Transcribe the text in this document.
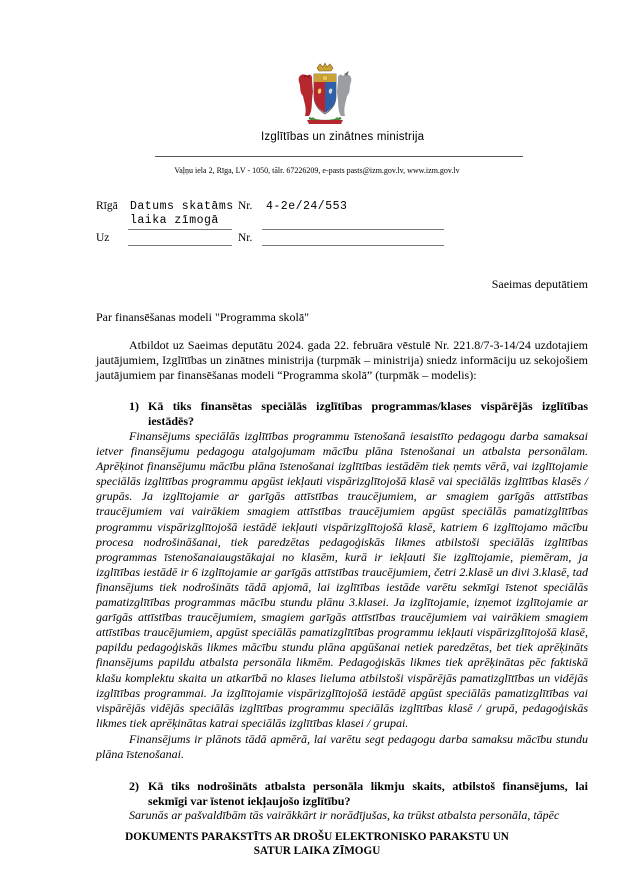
Izglītības un zinātnes ministrija
Vaļņu iela 2, Rīga, LV - 1050, tālr. 67226209, e-pasts pasts@izm.gov.lv, www.izm.gov.lv
Rīgā Datums skatāms
laika zīmogā
Nr. 4-2e/24/553
Uz	Nr.
Saeimas deputātiem
Par finansēšanas modeli "Programma skolā"
Atbildot uz Saeimas deputātu 2024. gada 22. februāra vēstulē Nr. 221.8/7-3-14/24 uzdotajiem jautājumiem, Izglītības un zinātnes ministrija (turpmāk – ministrija) sniedz informāciju uz sekojošiem jautājumiem par finansēšanas modeli “Programma skolā” (turpmāk – modelis):
1) Kā tiks finansētas speciālās izglītības programmas/klases vispārējās izglītības iestādēs?
Finansējums speciālās izglītības programmu īstenošanā iesaistīto pedagogu darba samaksai ietver finansējumu pedagogu atalgojumam mācību plāna īstenošanai un atbalsta personālam. Aprēķinot finansējumu mācību plāna īstenošanai izglītības iestādēm tiek ņemts vērā, vai izglītojamie speciālās izglītības programmu apgūst iekļauti vispārizglītojošā klasē vai speciālās izglītības klasēs / grupās. Ja izglītojamie ar garīgās attīstības traucējumiem, ar smagiem garīgās attīstības traucējumiem vai vairākiem smagiem attīstības traucējumiem apgūst speciālās pamatizglītības programmu vispārizglītojošā iestādē iekļauti vispārizglītojošā klasē, katriem 6 izglītojamo mācību procesa nodrošināšanai, tiek paredzētas pedagoģiskās likmes atbilstoši speciālās izglītības programmas īstenošanaiaugstākajai no klasēm, kurā ir iekļauti šie izglītojamie, piemēram, ja izglītības iestādē ir 6 izglītojamie ar garīgās attīstības traucējumiem, četri 2.klasē un divi 3.klasē, tad finansējums tiek nodrošināts tādā apjomā, lai izglītības iestāde varētu sekmīgi īstenot speciālās pamatizglītības programmas mācību stundu plānu 3.klasei. Ja izglītojamie, izņemot izglītojamie ar garīgās attīstības traucējumiem, smagiem garīgās attīstības traucējumiem vai vairākiem smagiem attīstības traucējumiem, apgūst speciālās pamatizglītības programmu iekļauti vispārizglītojošā klasē, papildu pedagoģiskās likmes mācību stundu plāna apgūšanai netiek paredzētas, bet tiek aprēķināts finansējums papildu atbalsta personāla likmēm. Pedagoģiskās likmes tiek aprēķinātas pēc faktiskā klašu komplektu skaita un atkarībā no klases lieluma atbilstoši vispārējās pamatizglītības un vidējās izglītības programmai. Ja izglītojamie vispārizglītojošā iestādē apgūst speciālās pamatizglītības vai vispārējās vidējās speciālās izglītības programmu speciālās izglītības klasē / grupā, pedagoģiskās likmes tiek aprēķinātas katrai speciālās izglītības klasei / grupai.
Finansējums ir plānots tādā apmērā, lai varētu segt pedagogu darba samaksu mācību stundu plāna īstenošanai.
2) Kā tiks nodrošināts atbalsta personāla likmju skaits, atbilstoš finansējums, lai sekmīgi var īstenot iekļaujošo izglītību?
Sarunās ar pašvaldībām tās vairākkārt ir norādījušas, ka trūkst atbalsta personāla, tāpēc
DOKUMENTS PARAKSTĪTS AR DROŠU ELEKTRONISKO PARAKSTU UN
SATUR LAIKA ZĪMOGU
